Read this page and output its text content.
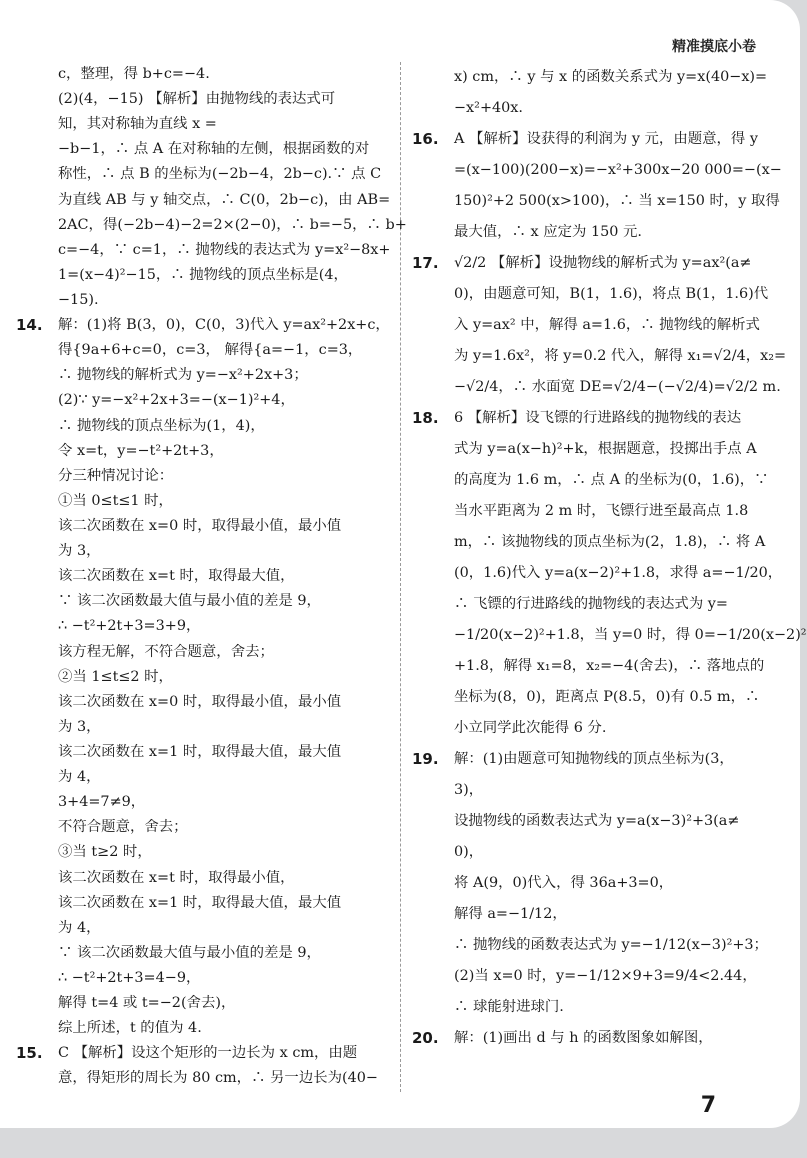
精准摸底小卷
c，整理，得 b+c=−4.
(2)(4，−15) 【解析】由抛物线的表达式可
知，其对称轴为直线 x =
−b−1，∴ 点 A 在对称轴的左侧，根据函数的对
称性，∴ 点 B 的坐标为(−2b−4，2b−c).∵ 点 C
为直线 AB 与 y 轴交点，∴ C(0，2b−c)，由 AB=
2AC，得(−2b−4)−2=2×(2−0)，∴ b=−5，∴ b+
c=−4，∵ c=1，∴ 抛物线的表达式为 y=x²−8x+
1=(x−4)²−15，∴ 抛物线的顶点坐标是(4，
−15).
14. 解：(1)将 B(3，0)，C(0，3)代入 y=ax²+2x+c，
得{9a+6+c=0，c=3， 解得{a=−1，c=3，
∴ 抛物线的解析式为 y=−x²+2x+3；
(2)∵ y=−x²+2x+3=−(x−1)²+4，
∴ 抛物线的顶点坐标为(1，4)，
令 x=t，y=−t²+2t+3，
分三种情况讨论：
①当 0≤t≤1 时，
该二次函数在 x=0 时，取得最小值，最小值
为 3，
该二次函数在 x=t 时，取得最大值，
∵ 该二次函数最大值与最小值的差是 9，
∴ −t²+2t+3=3+9，
该方程无解，不符合题意，舍去；
②当 1≤t≤2 时，
该二次函数在 x=0 时，取得最小值，最小值
为 3，
该二次函数在 x=1 时，取得最大值，最大值
为 4，
3+4=7≠9，
不符合题意，舍去；
③当 t≥2 时，
该二次函数在 x=t 时，取得最小值，
该二次函数在 x=1 时，取得最大值，最大值
为 4，
∵ 该二次函数最大值与最小值的差是 9，
∴ −t²+2t+3=4−9，
解得 t=4 或 t=−2(舍去)，
综上所述，t 的值为 4.
15. C 【解析】设这个矩形的一边长为 x cm，由题
意，得矩形的周长为 80 cm，∴ 另一边长为(40−
x) cm，∴ y 与 x 的函数关系式为 y=x(40−x)=
−x²+40x.
16. A 【解析】设获得的利润为 y 元，由题意，得 y
=(x−100)(200−x)=−x²+300x−20 000=−(x−
150)²+2 500(x>100)，∴ 当 x=150 时，y 取得
最大值，∴ x 应定为 150 元.
17. √2/2 【解析】设抛物线的解析式为 y=ax²(a≠
0)，由题意可知，B(1，1.6)，将点 B(1，1.6)代
入 y=ax² 中，解得 a=1.6，∴ 抛物线的解析式
为 y=1.6x²，将 y=0.2 代入，解得 x₁=√2/4，x₂=
−√2/4，∴ 水面宽 DE=√2/4−(−√2/4)=√2/2 m.
18. 6 【解析】设飞镖的行进路线的抛物线的表达
式为 y=a(x−h)²+k，根据题意，投掷出手点 A
的高度为 1.6 m，∴ 点 A 的坐标为(0，1.6)，∵
当水平距离为 2 m 时，飞镖行进至最高点 1.8
m，∴ 该抛物线的顶点坐标为(2，1.8)，∴ 将 A
(0，1.6)代入 y=a(x−2)²+1.8，求得 a=−1/20，
∴ 飞镖的行进路线的抛物线的表达式为 y=
−1/20(x−2)²+1.8，当 y=0 时，得 0=−1/20(x−2)²
+1.8，解得 x₁=8，x₂=−4(舍去)，∴ 落地点的
坐标为(8，0)，距离点 P(8.5，0)有 0.5 m，∴
小立同学此次能得 6 分.
19. 解：(1)由题意可知抛物线的顶点坐标为(3，
3)，
设抛物线的函数表达式为 y=a(x−3)²+3(a≠
0)，
将 A(9，0)代入，得 36a+3=0，
解得 a=−1/12，
∴ 抛物线的函数表达式为 y=−1/12(x−3)²+3；
(2)当 x=0 时，y=−1/12×9+3=9/4<2.44，
∴ 球能射进球门.
20. 解：(1)画出 d 与 h 的函数图象如解图，
7
